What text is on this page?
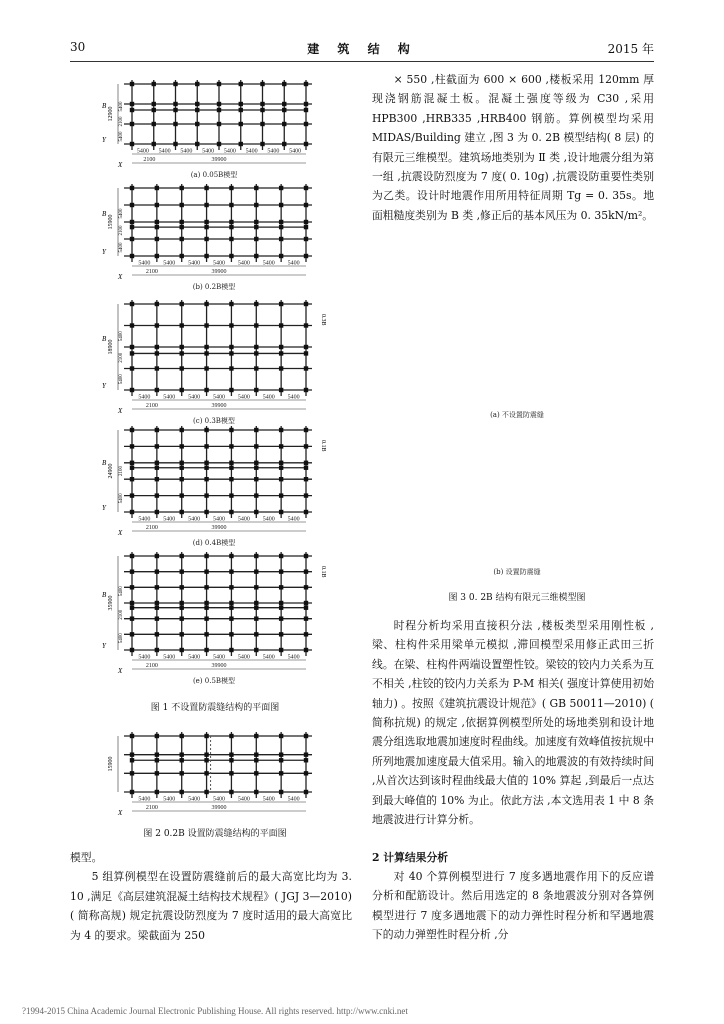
30	建 筑 结 构	2015 年
5400 5400 5400 5400 5400 5400 5400 5400
2100	39900
X
12900
5400
2100
5400
B
Y
(a) 0.05B模型
5400 5400 5400 5400 5400 5400 5400
2100	39900
X
15900
5400
2100
5400
B
Y
(b) 0.2B模型
5400 5400 5400 5400 5400 5400 5400
2100	39900
X
18900
5400
2100
5400
B
Y
0.3B
(c) 0.3B模型
5400 5400 5400 5400 5400 5400 5400
2100	39900
X
24900
5400
2100
B
Y
0.1B
(d) 0.4B模型
5400 5400 5400 5400 5400 5400 5400
2100	39900
X
35900
5400
2100
5400
B
Y
0.1B
(e) 0.5B模型
图 1 不设置防震缝结构的平面图
5400 5400 5400 5400 5400 5400 5400
2100	39900
X
15900
图 2 0.2B 设置防震缝结构的平面图

模型。

5 组算例模型在设置防震缝前后的最大高宽比均为 3. 10 ,满足《高层建筑混凝土结构技术规程》( JGJ 3—2010) ( 简称高规) 规定抗震设防烈度为 7 度时适用的最大高宽比为 4 的要求。梁截面为 250

× 550 ,柱截面为 600 × 600 ,楼板采用 120mm 厚现浇钢筋混凝土板。混凝土强度等级为 C30 ,采用 HPB300 ,HRB335 ,HRB400 钢筋。算例模型均采用 MIDAS/Building 建立 ,图 3 为 0. 2B 模型结构( 8 层) 的有限元三维模型。建筑场地类别为 Ⅱ 类 ,设计地震分组为第一组 ,抗震设防烈度为 7 度( 0. 10g) ,抗震设防重要性类别为乙类。设计时地震作用所用特征周期 Tg = 0. 35s。地面粗糙度类别为 B 类 ,修正后的基本风压为 0. 35kN/m²。
(a) 不设置防震缝
(b) 设置防震缝
图 3 0. 2B 结构有限元三维模型图
时程分析均采用直接积分法 ,楼板类型采用刚性板 ,梁、柱构件采用梁单元模拟 ,滞回模型采用修正武田三折线。在梁、柱构件两端设置塑性铰。梁铰的铰内力关系为互不相关 ,柱铰的铰内力关系为 P-M 相关( 强度计算使用初始轴力) 。按照《建筑抗震设计规范》( GB 50011—2010) ( 简称抗规) 的规定 ,依据算例模型所处的场地类别和设计地震分组选取地震加速度时程曲线。加速度有效峰值按抗规中所列地震加速度最大值采用。输入的地震波的有效持续时间 ,从首次达到该时程曲线最大值的 10% 算起 ,到最后一点达到最大峰值的 10% 为止。依此方法 ,本文选用表 1 中 8 条地震波进行计算分析。
2 计算结果分析
对 40 个算例模型进行 7 度多遇地震作用下的反应谱分析和配筋设计。然后用选定的 8 条地震波分别对各算例模型进行 7 度多遇地震下的动力弹性时程分析和罕遇地震下的动力弹塑性时程分析 ,分
?1994-2015 China Academic Journal Electronic Publishing House. All rights reserved. http://www.cnki.net
